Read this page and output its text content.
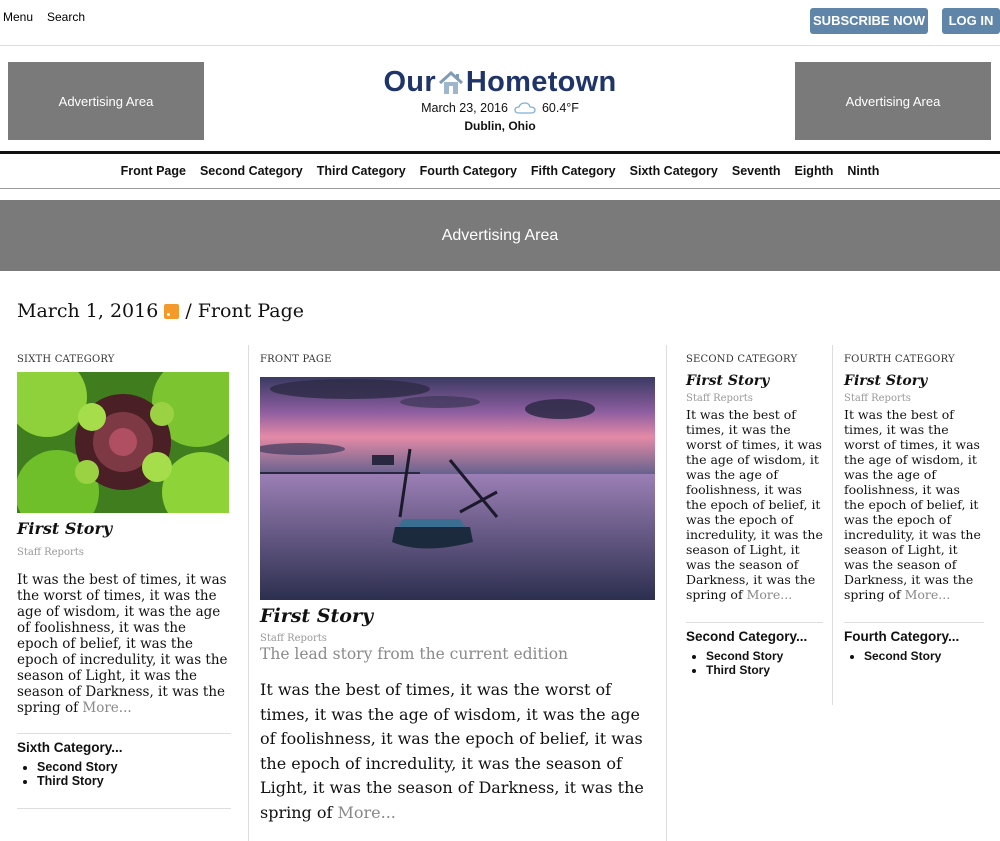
Menu Search	SUBSCRIBE NOW	LOG IN
Advertising Area	Advertising Area
Our Hometown
March 23, 2016	60.4°F
Dublin, Ohio
Front Page Second Category Third Category Fourth Category Fifth Category Sixth Category Seventh Eighth Ninth
Advertising Area
March 1, 2016 / Front Page
SIXTH CATEGORY
First Story
Staff Reports
It was the best of times, it was the worst of times, it was the age of wisdom, it was the age of foolishness, it was the epoch of belief, it was the epoch of incredulity, it was the season of Light, it was the season of Darkness, it was the spring of More...
Sixth Category...
• Second Story
• Third Story
FRONT PAGE
First Story
Staff Reports
The lead story from the current edition
It was the best of times, it was the worst of times, it was the age of wisdom, it was the age of foolishness, it was the epoch of belief, it was the epoch of incredulity, it was the season of Light, it was the season of Darkness, it was the spring of More...
SECOND CATEGORY
First Story
Staff Reports
It was the best of times, it was the worst of times, it was the age of wisdom, it was the age of foolishness, it was the epoch of belief, it was the epoch of incredulity, it was the season of Light, it was the season of Darkness, it was the spring of More...
Second Category...
• Second Story
• Third Story
FOURTH CATEGORY
First Story
Staff Reports
It was the best of times, it was the worst of times, it was the age of wisdom, it was the age of foolishness, it was the epoch of belief, it was the epoch of incredulity, it was the season of Light, it was the season of Darkness, it was the spring of More...
Fourth Category...
• Second Story
